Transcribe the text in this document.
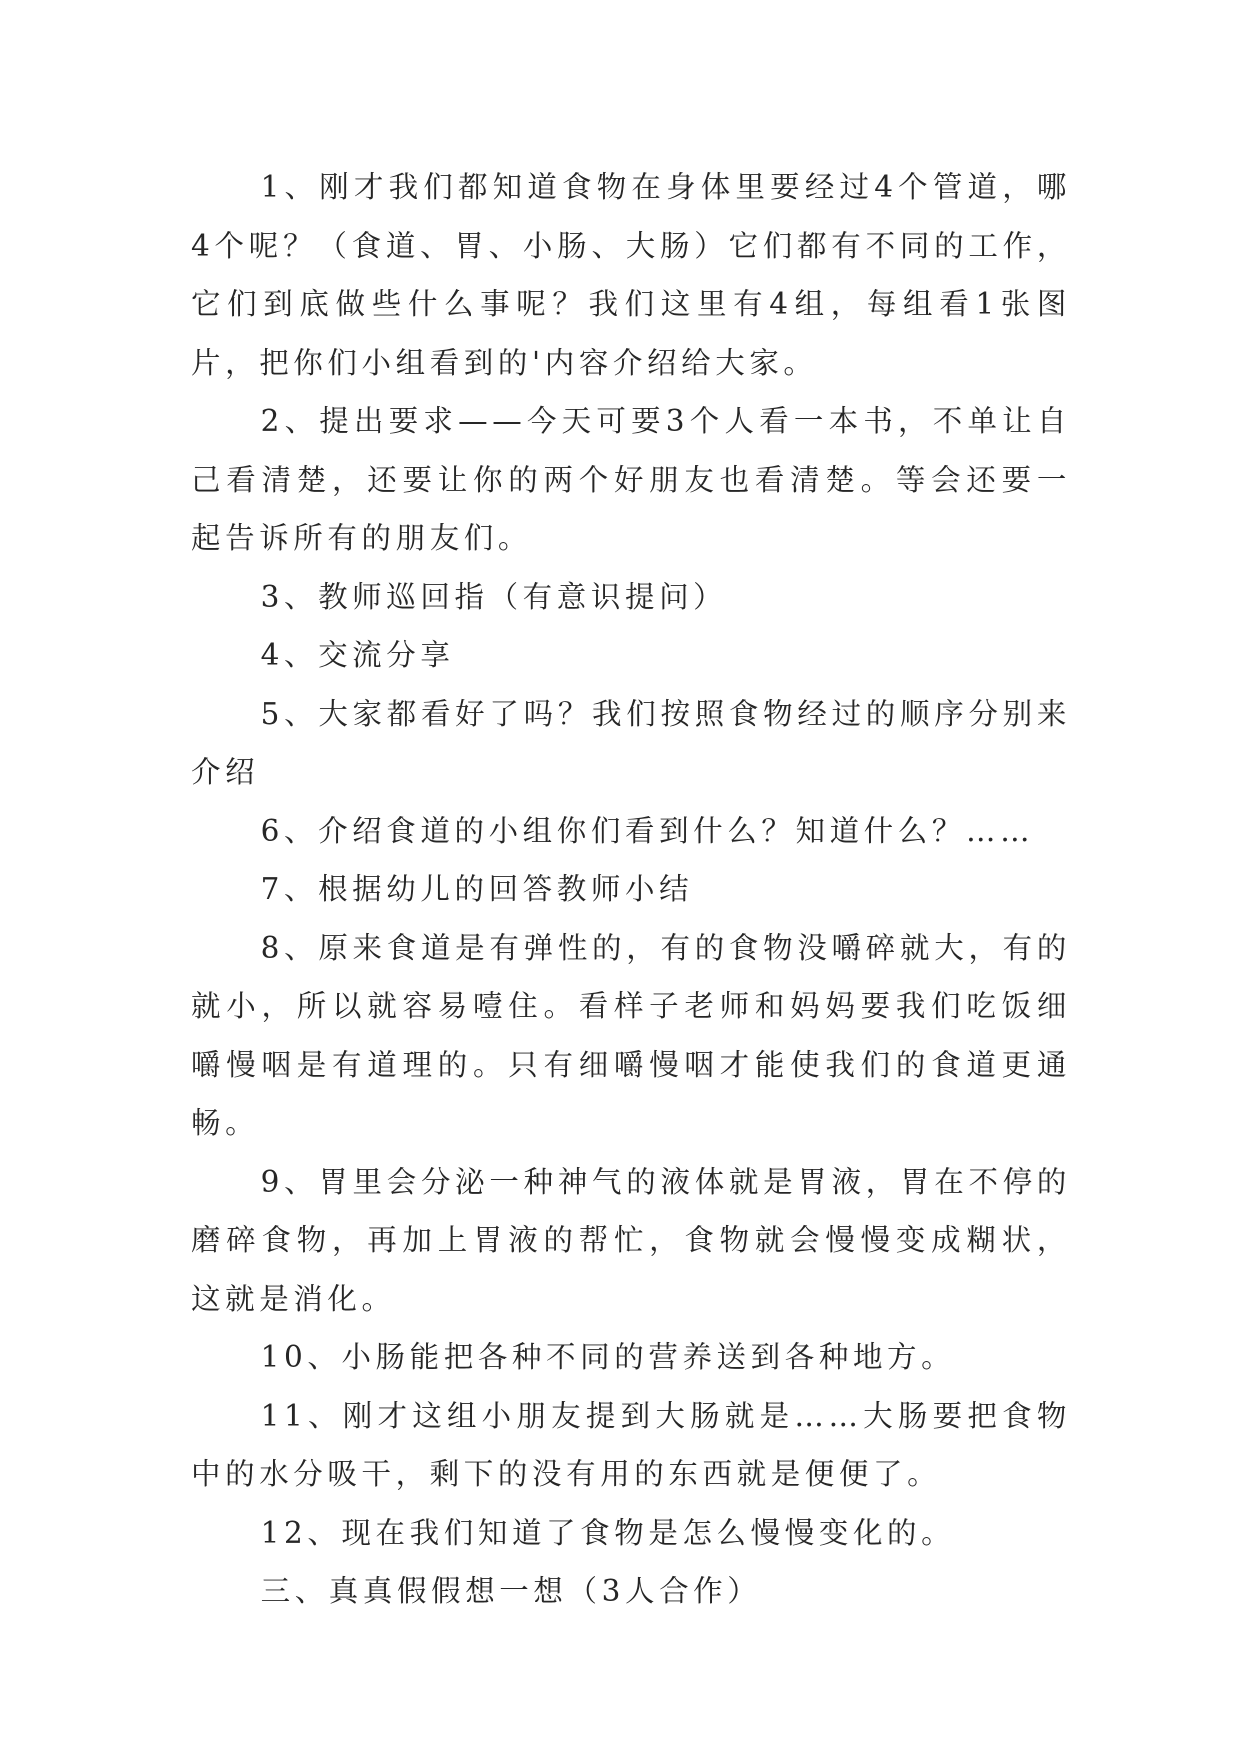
1、刚才我们都知道食物在身体里要经过4个管道，哪4个呢？（食道、胃、小肠、大肠）它们都有不同的工作，它们到底做些什么事呢？我们这里有4组，每组看1张图片，把你们小组看到的'内容介绍给大家。

2、提出要求——今天可要3个人看一本书，不单让自己看清楚，还要让你的两个好朋友也看清楚。等会还要一起告诉所有的朋友们。

3、教师巡回指（有意识提问）

4、交流分享

5、大家都看好了吗？我们按照食物经过的顺序分别来介绍

6、介绍食道的小组你们看到什么？知道什么？……

7、根据幼儿的回答教师小结

8、原来食道是有弹性的，有的食物没嚼碎就大，有的就小，所以就容易噎住。看样子老师和妈妈要我们吃饭细嚼慢咽是有道理的。只有细嚼慢咽才能使我们的食道更通畅。

9、胃里会分泌一种神气的液体就是胃液，胃在不停的磨碎食物，再加上胃液的帮忙，食物就会慢慢变成糊状，这就是消化。

10、小肠能把各种不同的营养送到各种地方。

11、刚才这组小朋友提到大肠就是……大肠要把食物中的水分吸干，剩下的没有用的东西就是便便了。

12、现在我们知道了食物是怎么慢慢变化的。

三、真真假假想一想（3人合作）
